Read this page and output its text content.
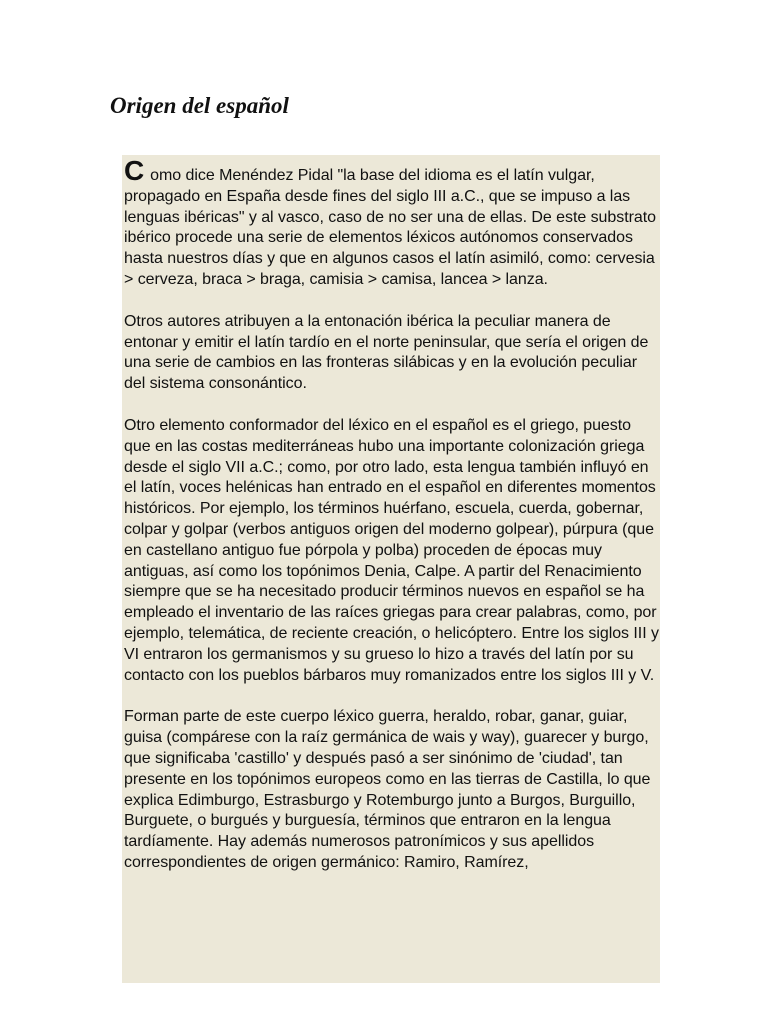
Origen del español

Como dice Menéndez Pidal "la base del idioma es el latín vulgar, propagado en España desde fines del siglo III a.C., que se impuso a las lenguas ibéricas" y al vasco, caso de no ser una de ellas. De este substrato ibérico procede una serie de elementos léxicos autónomos conservados hasta nuestros días y que en algunos casos el latín asimiló, como: cervesia > cerveza, braca > braga, camisia > camisa, lancea > lanza.

Otros autores atribuyen a la entonación ibérica la peculiar manera de entonar y emitir el latín tardío en el norte peninsular, que sería el origen de una serie de cambios en las fronteras silábicas y en la evolución peculiar del sistema consonántico.

Otro elemento conformador del léxico en el español es el griego, puesto que en las costas mediterráneas hubo una importante colonización griega desde el siglo VII a.C.; como, por otro lado, esta lengua también influyó en el latín, voces helénicas han entrado en el español en diferentes momentos históricos. Por ejemplo, los términos huérfano, escuela, cuerda, gobernar, colpar y golpar (verbos antiguos origen del moderno golpear), púrpura (que en castellano antiguo fue pórpola y polba) proceden de épocas muy antiguas, así como los topónimos Denia, Calpe. A partir del Renacimiento siempre que se ha necesitado producir términos nuevos en español se ha empleado el inventario de las raíces griegas para crear palabras, como, por ejemplo, telemática, de reciente creación, o helicóptero. Entre los siglos III y VI entraron los germanismos y su grueso lo hizo a través del latín por su contacto con los pueblos bárbaros muy romanizados entre los siglos III y V.

Forman parte de este cuerpo léxico guerra, heraldo, robar, ganar, guiar, guisa (compárese con la raíz germánica de wais y way), guarecer y burgo, que significaba 'castillo' y después pasó a ser sinónimo de 'ciudad', tan presente en los topónimos europeos como en las tierras de Castilla, lo que explica Edimburgo, Estrasburgo y Rotemburgo junto a Burgos, Burguillo, Burguete, o burgués y burguesía, términos que entraron en la lengua tardíamente. Hay además numerosos patronímicos y sus apellidos correspondientes de origen germánico: Ramiro, Ramírez,
